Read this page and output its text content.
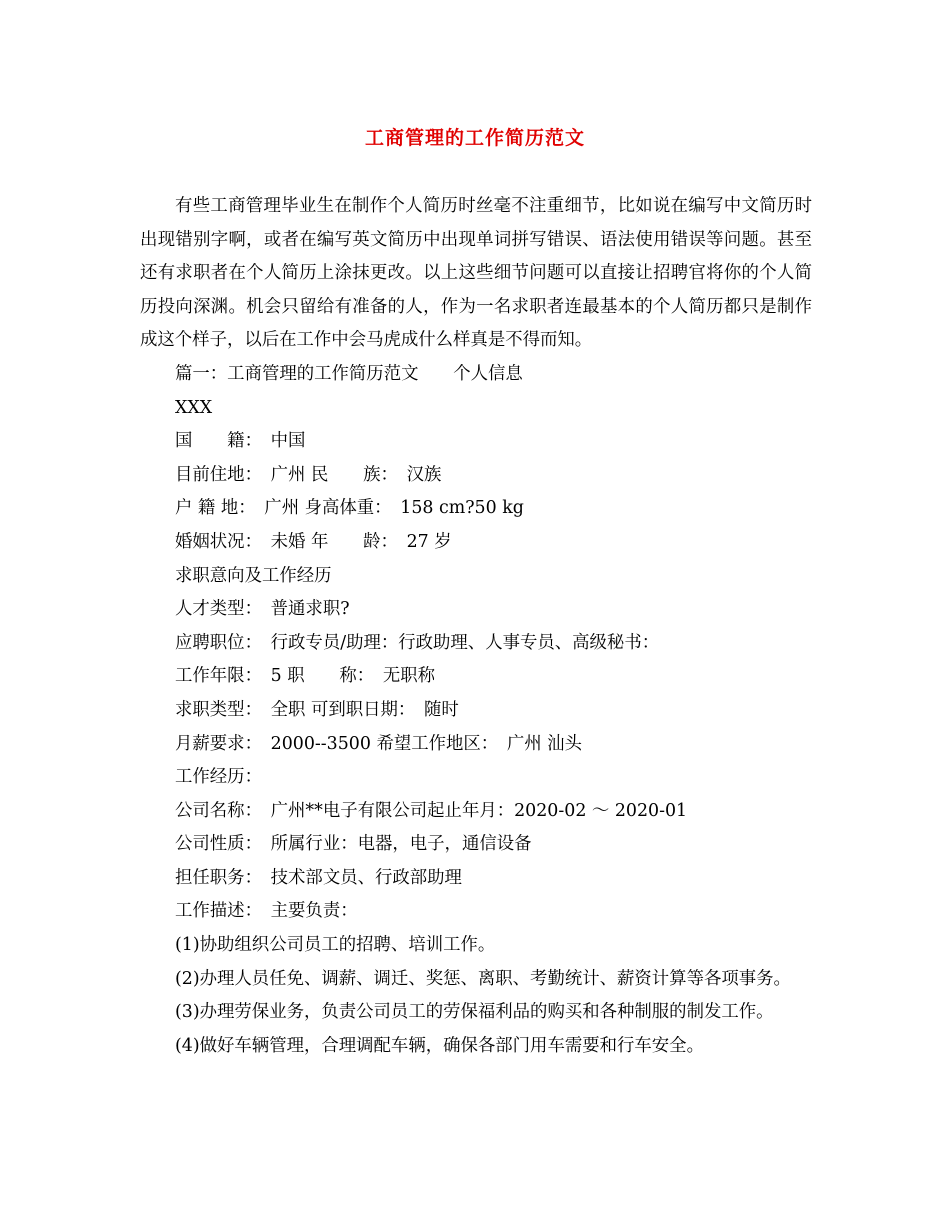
工商管理的工作简历范文

有些工商管理毕业生在制作个人简历时丝毫不注重细节，比如说在编写中文简历时出现错别字啊，或者在编写英文简历中出现单词拼写错误、语法使用错误等问题。甚至还有求职者在个人简历上涂抹更改。以上这些细节问题可以直接让招聘官将你的个人简历投向深渊。机会只留给有准备的人，作为一名求职者连最基本的个人简历都只是制作成这个样子，以后在工作中会马虎成什么样真是不得而知。

篇一：工商管理的工作简历范文　　个人信息

XXX

国　　籍：　中国

目前住地：　广州 民　　族：　汉族

户 籍 地：　广州 身高体重：　158 cm?50 kg

婚姻状况：　未婚 年　　龄：　27 岁

求职意向及工作经历

人才类型：　普通求职?

应聘职位：　行政专员/助理：行政助理、人事专员、高级秘书：

工作年限：　5 职　　称：　无职称

求职类型：　全职 可到职日期：　随时

月薪要求：　2000--3500 希望工作地区：　广州 汕头

工作经历：

公司名称：　广州**电子有限公司起止年月：2020-02 ～ 2020-01

公司性质：　所属行业：电器，电子，通信设备

担任职务：　技术部文员、行政部助理

工作描述：　主要负责：

(1)协助组织公司员工的招聘、培训工作。

(2)办理人员任免、调薪、调迁、奖惩、离职、考勤统计、薪资计算等各项事务。

(3)办理劳保业务，负责公司员工的劳保福利品的购买和各种制服的制发工作。

(4)做好车辆管理，合理调配车辆，确保各部门用车需要和行车安全。
